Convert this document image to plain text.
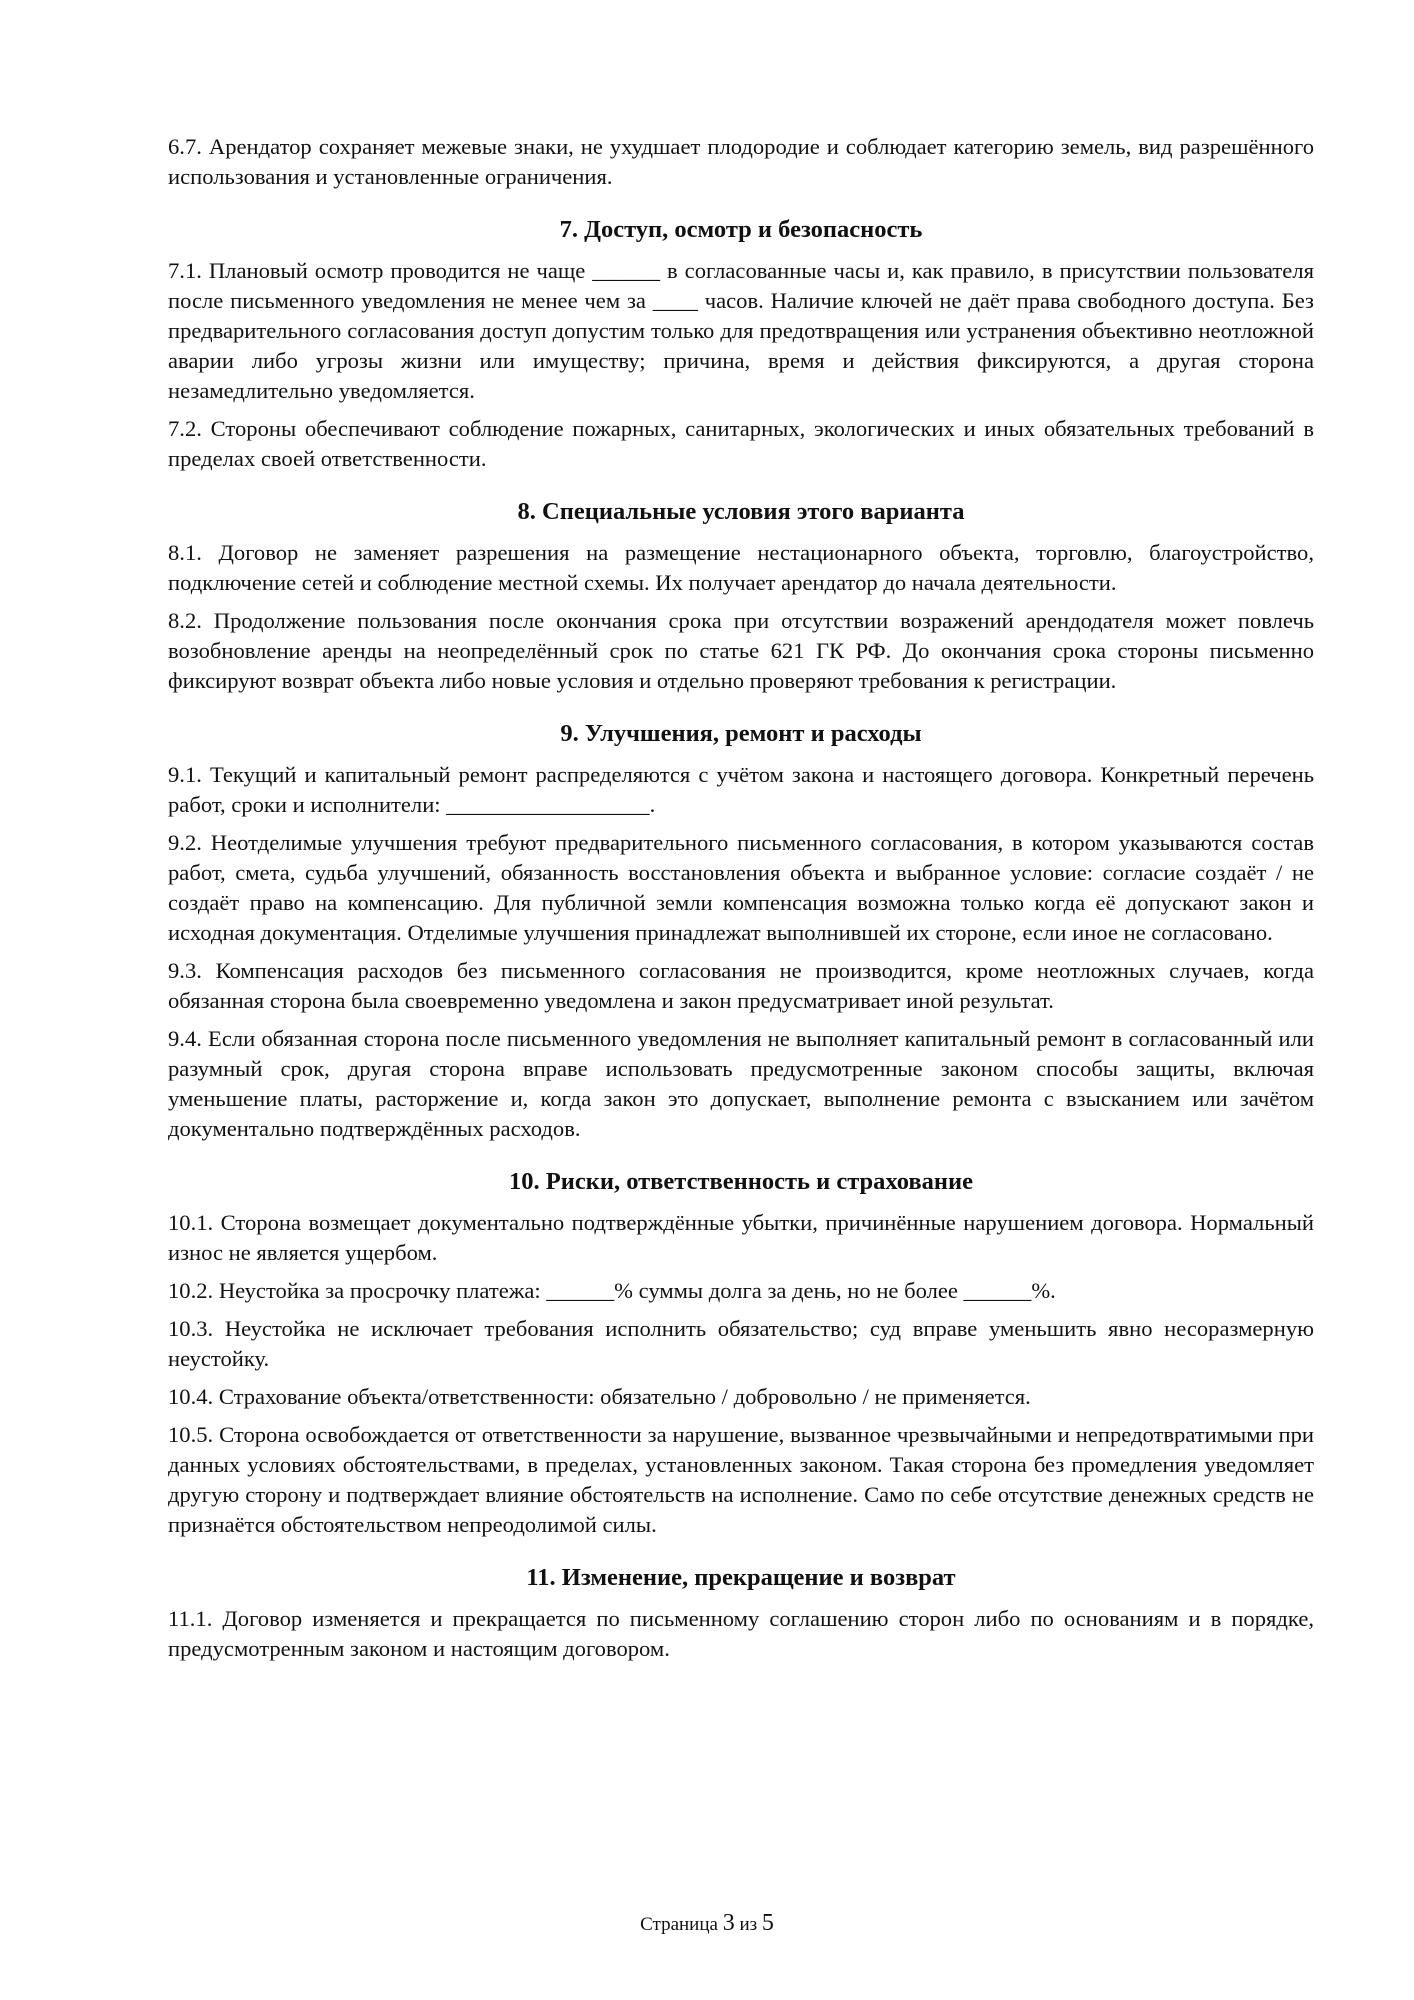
6.7. Арендатор сохраняет межевые знаки, не ухудшает плодородие и соблюдает категорию земель, вид разрешённого использования и установленные ограничения.

7. Доступ, осмотр и безопасность

7.1. Плановый осмотр проводится не чаще ______ в согласованные часы и, как правило, в присутствии пользователя после письменного уведомления не менее чем за ____ часов. Наличие ключей не даёт права свободного доступа. Без предварительного согласования доступ допустим только для предотвращения или устранения объективно неотложной аварии либо угрозы жизни или имуществу; причина, время и действия фиксируются, а другая сторона незамедлительно уведомляется.

7.2. Стороны обеспечивают соблюдение пожарных, санитарных, экологических и иных обязательных требований в пределах своей ответственности.

8. Специальные условия этого варианта

8.1. Договор не заменяет разрешения на размещение нестационарного объекта, торговлю, благоустройство, подключение сетей и соблюдение местной схемы. Их получает арендатор до начала деятельности.

8.2. Продолжение пользования после окончания срока при отсутствии возражений арендодателя может повлечь возобновление аренды на неопределённый срок по статье 621 ГК РФ. До окончания срока стороны письменно фиксируют возврат объекта либо новые условия и отдельно проверяют требования к регистрации.

9. Улучшения, ремонт и расходы

9.1. Текущий и капитальный ремонт распределяются с учётом закона и настоящего договора. Конкретный перечень работ, сроки и исполнители: __________________.

9.2. Неотделимые улучшения требуют предварительного письменного согласования, в котором указываются состав работ, смета, судьба улучшений, обязанность восстановления объекта и выбранное условие: согласие создаёт / не создаёт право на компенсацию. Для публичной земли компенсация возможна только когда её допускают закон и исходная документация. Отделимые улучшения принадлежат выполнившей их стороне, если иное не согласовано.

9.3. Компенсация расходов без письменного согласования не производится, кроме неотложных случаев, когда обязанная сторона была своевременно уведомлена и закон предусматривает иной результат.

9.4. Если обязанная сторона после письменного уведомления не выполняет капитальный ремонт в согласованный или разумный срок, другая сторона вправе использовать предусмотренные законом способы защиты, включая уменьшение платы, расторжение и, когда закон это допускает, выполнение ремонта с взысканием или зачётом документально подтверждённых расходов.

10. Риски, ответственность и страхование

10.1. Сторона возмещает документально подтверждённые убытки, причинённые нарушением договора. Нормальный износ не является ущербом.

10.2. Неустойка за просрочку платежа: ______% суммы долга за день, но не более ______%.

10.3. Неустойка не исключает требования исполнить обязательство; суд вправе уменьшить явно несоразмерную неустойку.

10.4. Страхование объекта/ответственности: обязательно / добровольно / не применяется.

10.5. Сторона освобождается от ответственности за нарушение, вызванное чрезвычайными и непредотвратимыми при данных условиях обстоятельствами, в пределах, установленных законом. Такая сторона без промедления уведомляет другую сторону и подтверждает влияние обстоятельств на исполнение. Само по себе отсутствие денежных средств не признаётся обстоятельством непреодолимой силы.

11. Изменение, прекращение и возврат

11.1. Договор изменяется и прекращается по письменному соглашению сторон либо по основаниям и в порядке, предусмотренным законом и настоящим договором.

Страница 3 из 5
